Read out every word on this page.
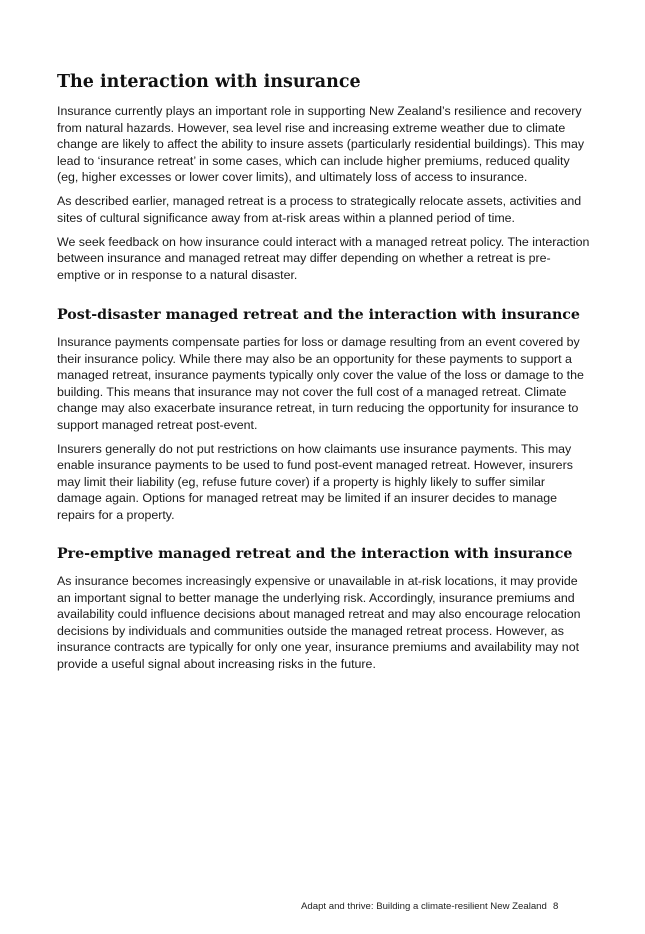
The interaction with insurance

Insurance currently plays an important role in supporting New Zealand’s resilience and recovery from natural hazards. However, sea level rise and increasing extreme weather due to climate change are likely to affect the ability to insure assets (particularly residential buildings). This may lead to ‘insurance retreat’ in some cases, which can include higher premiums, reduced quality (eg, higher excesses or lower cover limits), and ultimately loss of access to insurance.

As described earlier, managed retreat is a process to strategically relocate assets, activities and sites of cultural significance away from at-risk areas within a planned period of time.

We seek feedback on how insurance could interact with a managed retreat policy. The interaction between insurance and managed retreat may differ depending on whether a retreat is pre-emptive or in response to a natural disaster.

Post-disaster managed retreat and the interaction with insurance

Insurance payments compensate parties for loss or damage resulting from an event covered by their insurance policy. While there may also be an opportunity for these payments to support a managed retreat, insurance payments typically only cover the value of the loss or damage to the building. This means that insurance may not cover the full cost of a managed retreat. Climate change may also exacerbate insurance retreat, in turn reducing the opportunity for insurance to support managed retreat post-event.

Insurers generally do not put restrictions on how claimants use insurance payments. This may enable insurance payments to be used to fund post-event managed retreat. However, insurers may limit their liability (eg, refuse future cover) if a property is highly likely to suffer similar damage again. Options for managed retreat may be limited if an insurer decides to manage repairs for a property.

Pre-emptive managed retreat and the interaction with insurance

As insurance becomes increasingly expensive or unavailable in at-risk locations, it may provide an important signal to better manage the underlying risk. Accordingly, insurance premiums and availability could influence decisions about managed retreat and may also encourage relocation decisions by individuals and communities outside the managed retreat process. However, as insurance contracts are typically for only one year, insurance premiums and availability may not provide a useful signal about increasing risks in the future.

Adapt and thrive: Building a climate-resilient New Zealand 8
